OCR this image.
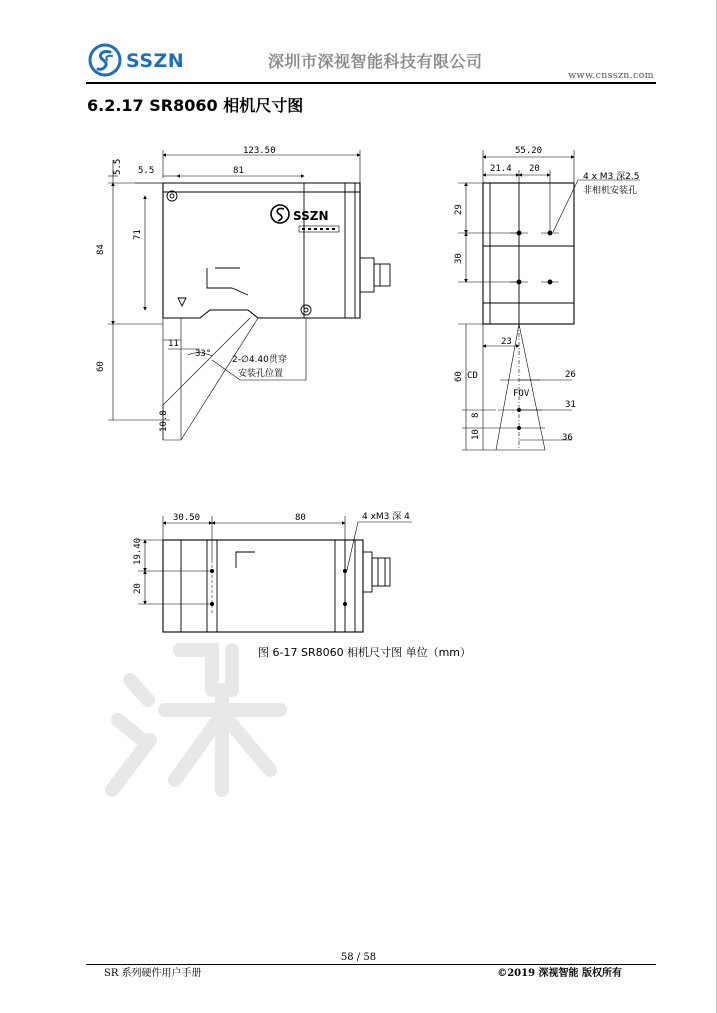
SSZN	深圳市深视智能科技有限公司
www.cnsszn.com
6.2.17 SR8060 相机尺寸图
SSZN
123.50
81
5.5
5.5
84
71
11
33°
60
10.8
2-∅4.40贯穿
安装孔位置
55.20
21.4 20
29
30
23
60 CD
FOV
26
31
36
8
10
4 x M3 深2.5
非相机安装孔
30.50	80
19.40
20
4 xM3 深 4
图 6-17 SR8060 相机尺寸图 单位（mm）
58 / 58
SR 系列硬件用户手册	©2019 深视智能 版权所有
